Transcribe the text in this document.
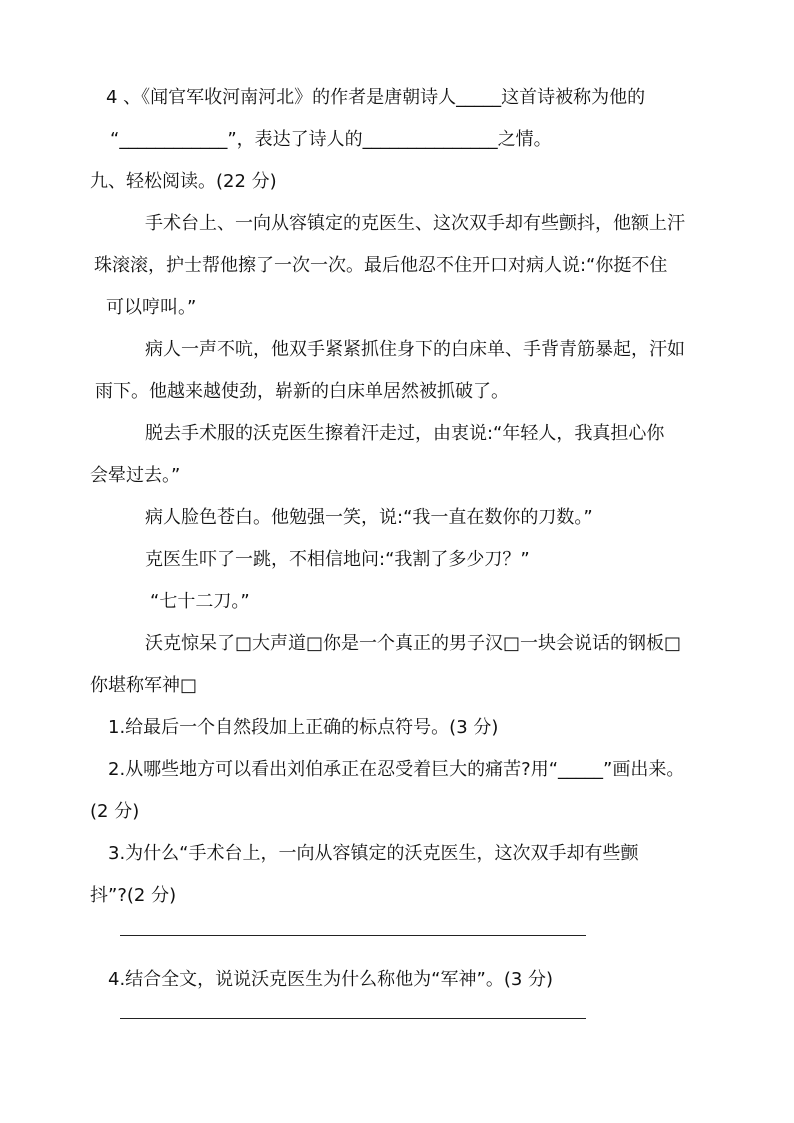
4 、《闻官军收河南河北》的作者是唐朝诗人_____这首诗被称为他的
“____________”，表达了诗人的_______________之情。
九、轻松阅读。(22 分)
手术台上、一向从容镇定的克医生、这次双手却有些颤抖，他额上汗
珠滚滚，护士帮他擦了一次一次。最后他忍不住开口对病人说:“你挺不住
可以哼叫。”
病人一声不吭，他双手紧紧抓住身下的白床单、手背青筋暴起，汗如
雨下。他越来越使劲，崭新的白床单居然被抓破了。
脱去手术服的沃克医生擦着汗走过，由衷说:“年轻人，我真担心你
会晕过去。”
病人脸色苍白。他勉强一笑，说:“我一直在数你的刀数。”
克医生吓了一跳，不相信地问:“我割了多少刀？”
“七十二刀。”
沃克惊呆了□大声道□你是一个真正的男子汉□一块会说话的钢板□
你堪称军神□
1.给最后一个自然段加上正确的标点符号。(3 分)
2.从哪些地方可以看出刘伯承正在忍受着巨大的痛苦?用“_____”画出来。
(2 分)
3.为什么“手术台上，一向从容镇定的沃克医生，这次双手却有些颤
抖”?(2 分)
4.结合全文，说说沃克医生为什么称他为“军神”。(3 分)
